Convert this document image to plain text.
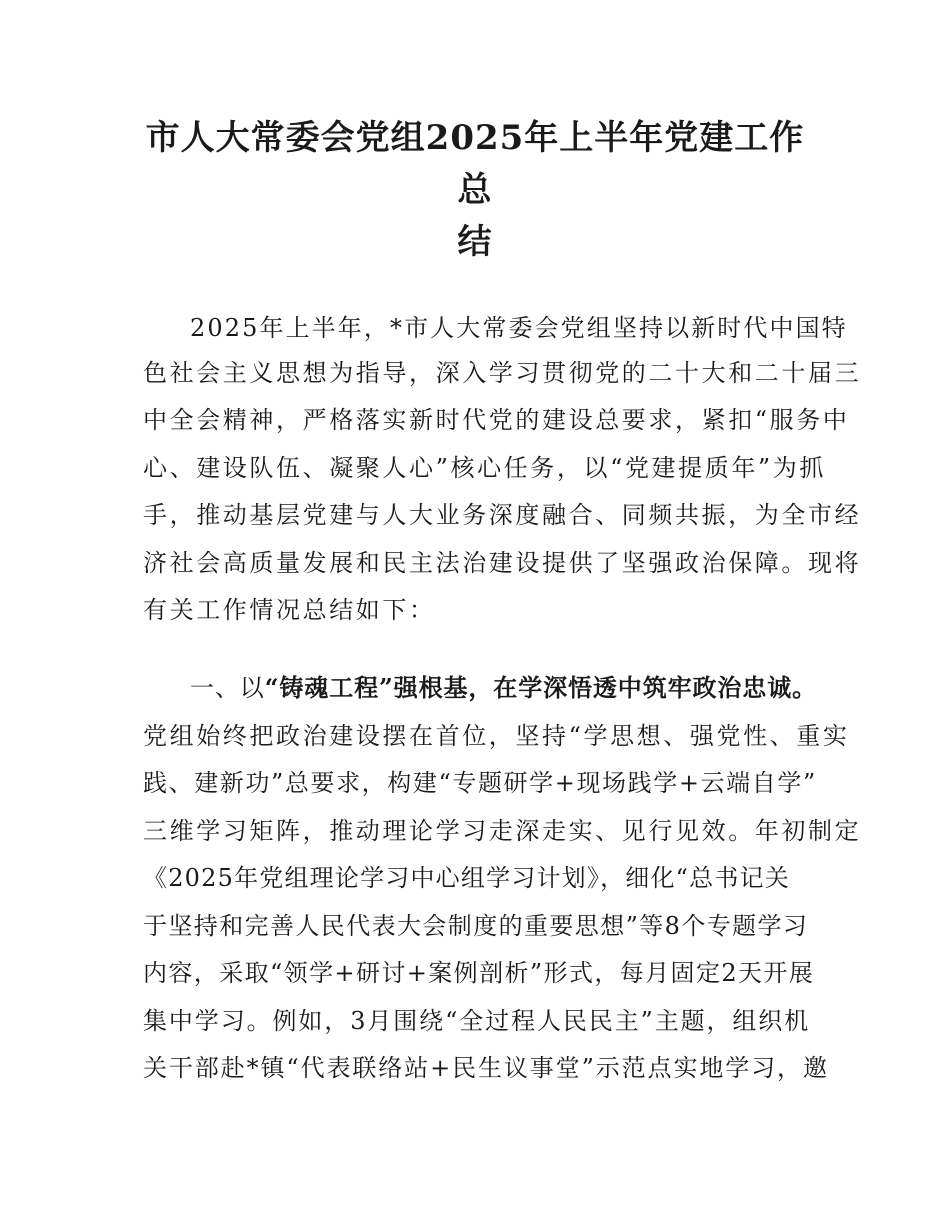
市人大常委会党组2025年上半年党建工作总
结
2025年上半年，*市人大常委会党组坚持以新时代中国特
色社会主义思想为指导，深入学习贯彻党的二十大和二十届三
中全会精神，严格落实新时代党的建设总要求，紧扣“服务中
心、建设队伍、凝聚人心”核心任务，以“党建提质年”为抓
手，推动基层党建与人大业务深度融合、同频共振，为全市经
济社会高质量发展和民主法治建设提供了坚强政治保障。现将
有关工作情况总结如下：
一、以“铸魂工程”强根基，在学深悟透中筑牢政治忠诚。
党组始终把政治建设摆在首位，坚持“学思想、强党性、重实
践、建新功”总要求，构建“专题研学+现场践学+云端自学”
三维学习矩阵，推动理论学习走深走实、见行见效。年初制定
《2025年党组理论学习中心组学习计划》，细化“总书记关
于坚持和完善人民代表大会制度的重要思想”等8个专题学习
内容，采取“领学+研讨+案例剖析”形式，每月固定2天开展
集中学习。例如，3月围绕“全过程人民民主”主题，组织机
关干部赴*镇“代表联络站+民生议事堂”示范点实地学习，邀
